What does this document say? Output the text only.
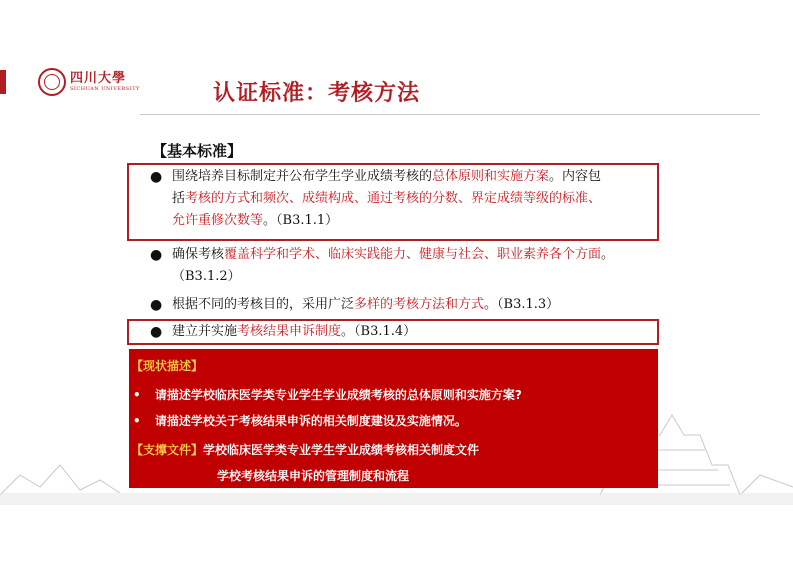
四川大學
SICHUAN UNIVERSITY	认证标准：考核方法
【基本标准】
● 围绕培养目标制定并公布学生学业成绩考核的总体原则和实施方案。内容包
括考核的方式和频次、成绩构成、通过考核的分数、界定成绩等级的标准、
允许重修次数等。（B3.1.1）
● 确保考核覆盖科学和学术、临床实践能力、健康与社会、职业素养各个方面。
（B3.1.2）
● 根据不同的考核目的，采用广泛多样的考核方法和方式。（B3.1.3）
● 建立并实施考核结果申诉制度。（B3.1.4）
【现状描述】
• 请描述学校临床医学类专业学生学业成绩考核的总体原则和实施方案?
• 请描述学校关于考核结果申诉的相关制度建设及实施情况。
【支撑文件】学校临床医学类专业学生学业成绩考核相关制度文件
学校考核结果申诉的管理制度和流程
